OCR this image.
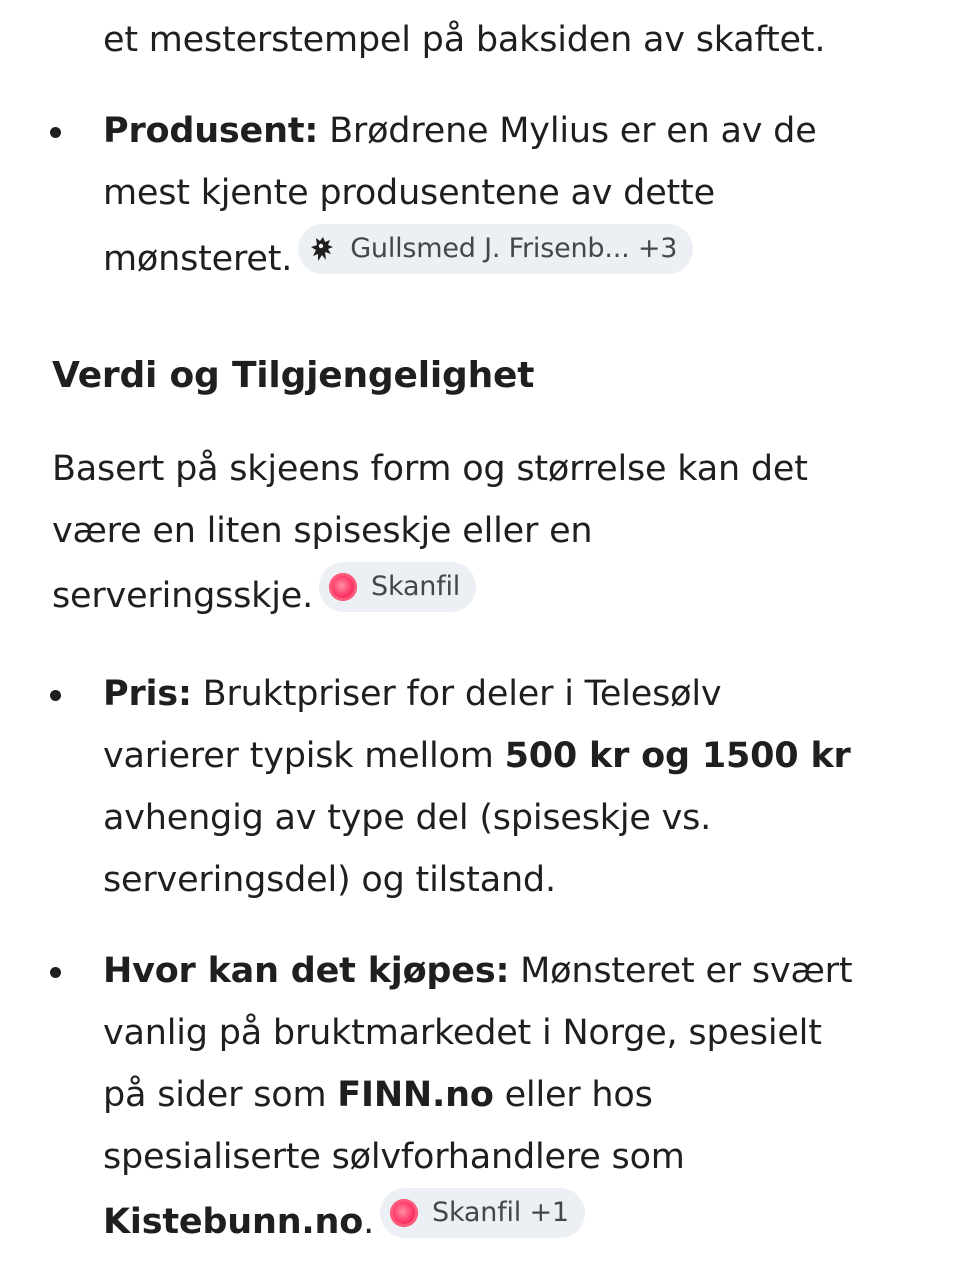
et mesterstempel på baksiden av skaftet.
Produsent: Brødrene Mylius er en av de
mest kjente produsentene av dette
mønsteret. Gullsmed J. Frisenb... +3
Verdi og Tilgjengelighet
Basert på skjeens form og størrelse kan det
være en liten spiseskje eller en
serveringsskje. Skanfil
Pris: Bruktpriser for deler i Telesølv
varierer typisk mellom 500 kr og 1500 kr
avhengig av type del (spiseskje vs.
serveringsdel) og tilstand.
Hvor kan det kjøpes: Mønsteret er svært
vanlig på bruktmarkedet i Norge, spesielt
på sider som FINN.no eller hos
spesialiserte sølvforhandlere som
Kistebunn.no. Skanfil +1
